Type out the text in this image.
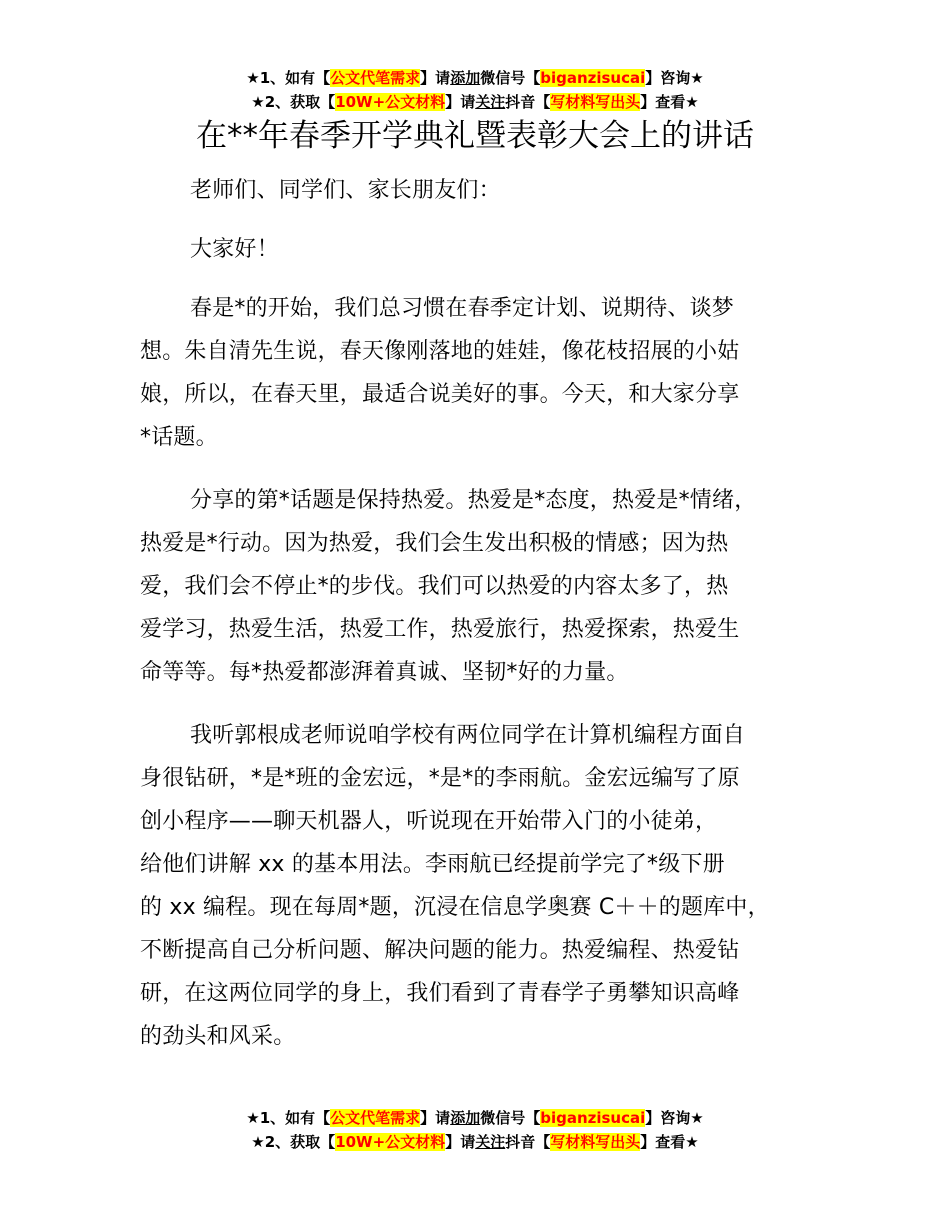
★1、如有【公文代笔需求】请添加微信号【biganzisucai】咨询★
★2、获取【10W+公文材料】请关注抖音【写材料写出头】查看★
在**年春季开学典礼暨表彰大会上的讲话

老师们、同学们、家长朋友们：

大家好！

春是*的开始，我们总习惯在春季定计划、说期待、谈梦
想。朱自清先生说，春天像刚落地的娃娃，像花枝招展的小姑
娘，所以，在春天里，最适合说美好的事。今天，和大家分享
*话题。

分享的第*话题是保持热爱。热爱是*态度，热爱是*情绪，
热爱是*行动。因为热爱，我们会生发出积极的情感；因为热
爱，我们会不停止*的步伐。我们可以热爱的内容太多了，热
爱学习，热爱生活，热爱工作，热爱旅行，热爱探索，热爱生
命等等。每*热爱都澎湃着真诚、坚韧*好的力量。

我听郭根成老师说咱学校有两位同学在计算机编程方面自
身很钻研，*是*班的金宏远，*是*的李雨航。金宏远编写了原
创小程序——聊天机器人，听说现在开始带入门的小徒弟，
给他们讲解 xx 的基本用法。李雨航已经提前学完了*级下册
的 xx 编程。现在每周*题，沉浸在信息学奥赛 C＋＋的题库中，
不断提高自己分析问题、解决问题的能力。热爱编程、热爱钻
研，在这两位同学的身上，我们看到了青春学子勇攀知识高峰
的劲头和风采。

★1、如有【公文代笔需求】请添加微信号【biganzisucai】咨询★
★2、获取【10W+公文材料】请关注抖音【写材料写出头】查看★
